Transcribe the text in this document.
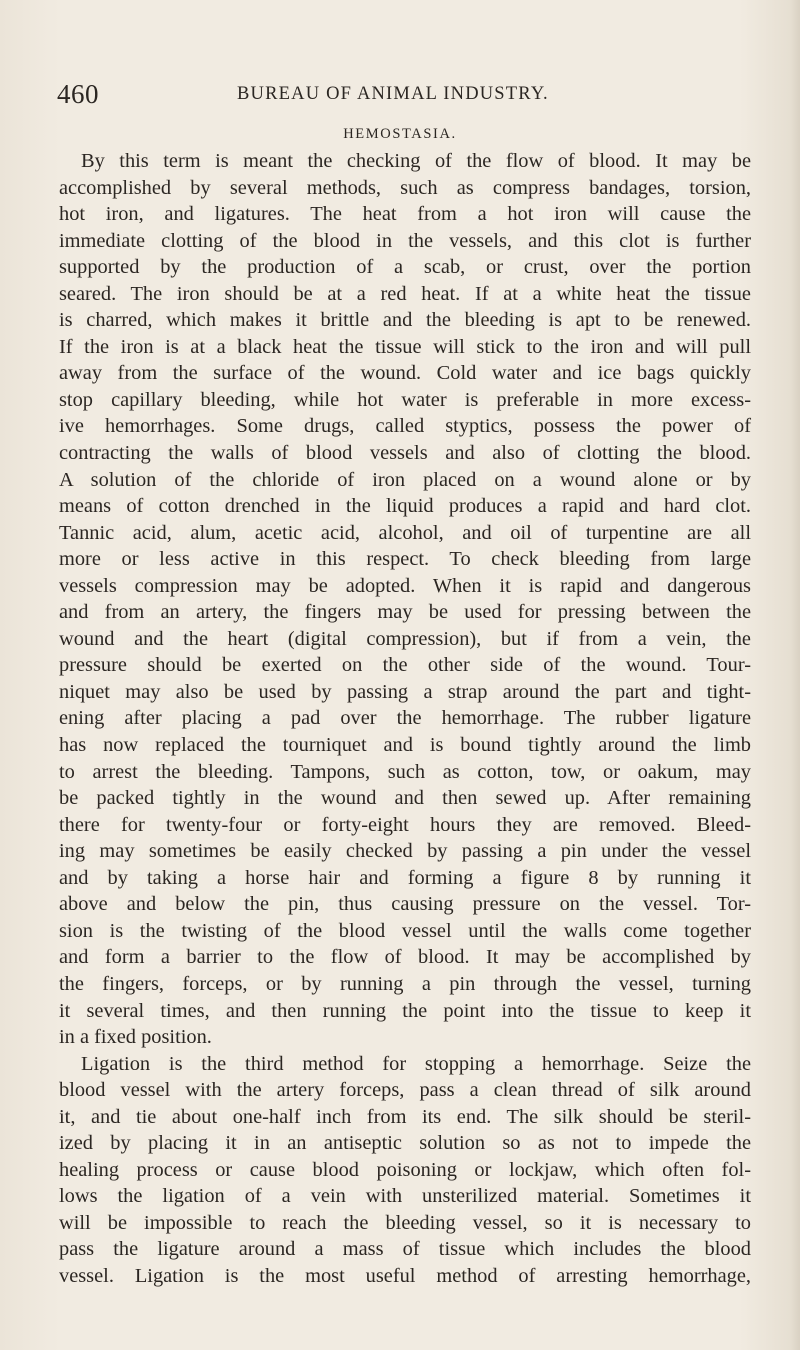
460	BUREAU OF ANIMAL INDUSTRY.
HEMOSTASIA.
By this term is meant the checking of the flow of blood. It may be
accomplished by several methods, such as compress bandages, torsion,
hot iron, and ligatures. The heat from a hot iron will cause the
immediate clotting of the blood in the vessels, and this clot is further
supported by the production of a scab, or crust, over the portion
seared. The iron should be at a red heat. If at a white heat the tissue
is charred, which makes it brittle and the bleeding is apt to be renewed.
If the iron is at a black heat the tissue will stick to the iron and will pull
away from the surface of the wound. Cold water and ice bags quickly
stop capillary bleeding, while hot water is preferable in more excess-
ive hemorrhages. Some drugs, called styptics, possess the power of
contracting the walls of blood vessels and also of clotting the blood.
A solution of the chloride of iron placed on a wound alone or by
means of cotton drenched in the liquid produces a rapid and hard clot.
Tannic acid, alum, acetic acid, alcohol, and oil of turpentine are all
more or less active in this respect. To check bleeding from large
vessels compression may be adopted. When it is rapid and dangerous
and from an artery, the fingers may be used for pressing between the
wound and the heart (digital compression), but if from a vein, the
pressure should be exerted on the other side of the wound. Tour-
niquet may also be used by passing a strap around the part and tight-
ening after placing a pad over the hemorrhage. The rubber ligature
has now replaced the tourniquet and is bound tightly around the limb
to arrest the bleeding. Tampons, such as cotton, tow, or oakum, may
be packed tightly in the wound and then sewed up. After remaining
there for twenty-four or forty-eight hours they are removed. Bleed-
ing may sometimes be easily checked by passing a pin under the vessel
and by taking a horse hair and forming a figure 8 by running it
above and below the pin, thus causing pressure on the vessel. Tor-
sion is the twisting of the blood vessel until the walls come together
and form a barrier to the flow of blood. It may be accomplished by
the fingers, forceps, or by running a pin through the vessel, turning
it several times, and then running the point into the tissue to keep it
in a fixed position.
Ligation is the third method for stopping a hemorrhage. Seize the
blood vessel with the artery forceps, pass a clean thread of silk around
it, and tie about one-half inch from its end. The silk should be steril-
ized by placing it in an antiseptic solution so as not to impede the
healing process or cause blood poisoning or lockjaw, which often fol-
lows the ligation of a vein with unsterilized material. Sometimes it
will be impossible to reach the bleeding vessel, so it is necessary to
pass the ligature around a mass of tissue which includes the blood
vessel. Ligation is the most useful method of arresting hemorrhage,
